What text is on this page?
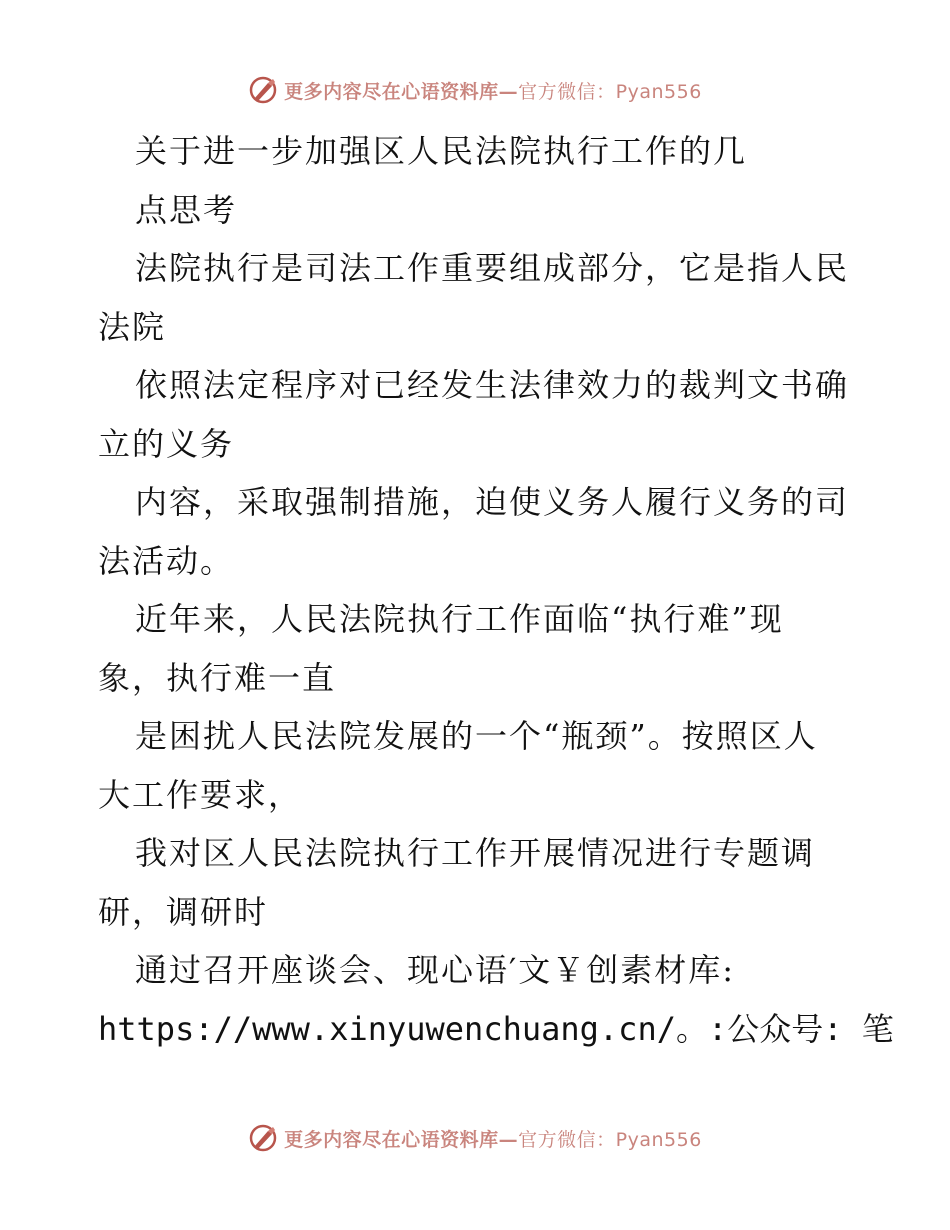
更多内容尽在心语资料库—官方微信：Pyan556
关于进一步加强区人民法院执行工作的几
点思考
法院执行是司法工作重要组成部分，它是指人民
法院
依照法定程序对已经发生法律效力的裁判文书确
立的义务
内容，采取强制措施，迫使义务人履行义务的司
法活动。
近年来，人民法院执行工作面临“执行难”现
象，执行难一直
是困扰人民法院发展的一个“瓶颈”。按照区人
大工作要求，
我对区人民法院执行工作开展情况进行专题调
研，调研时
通过召开座谈会、现心语′文￥创素材库:
https://www.xinyuwenchuang.cn/。:公众号: 笔
更多内容尽在心语资料库—官方微信：Pyan556
